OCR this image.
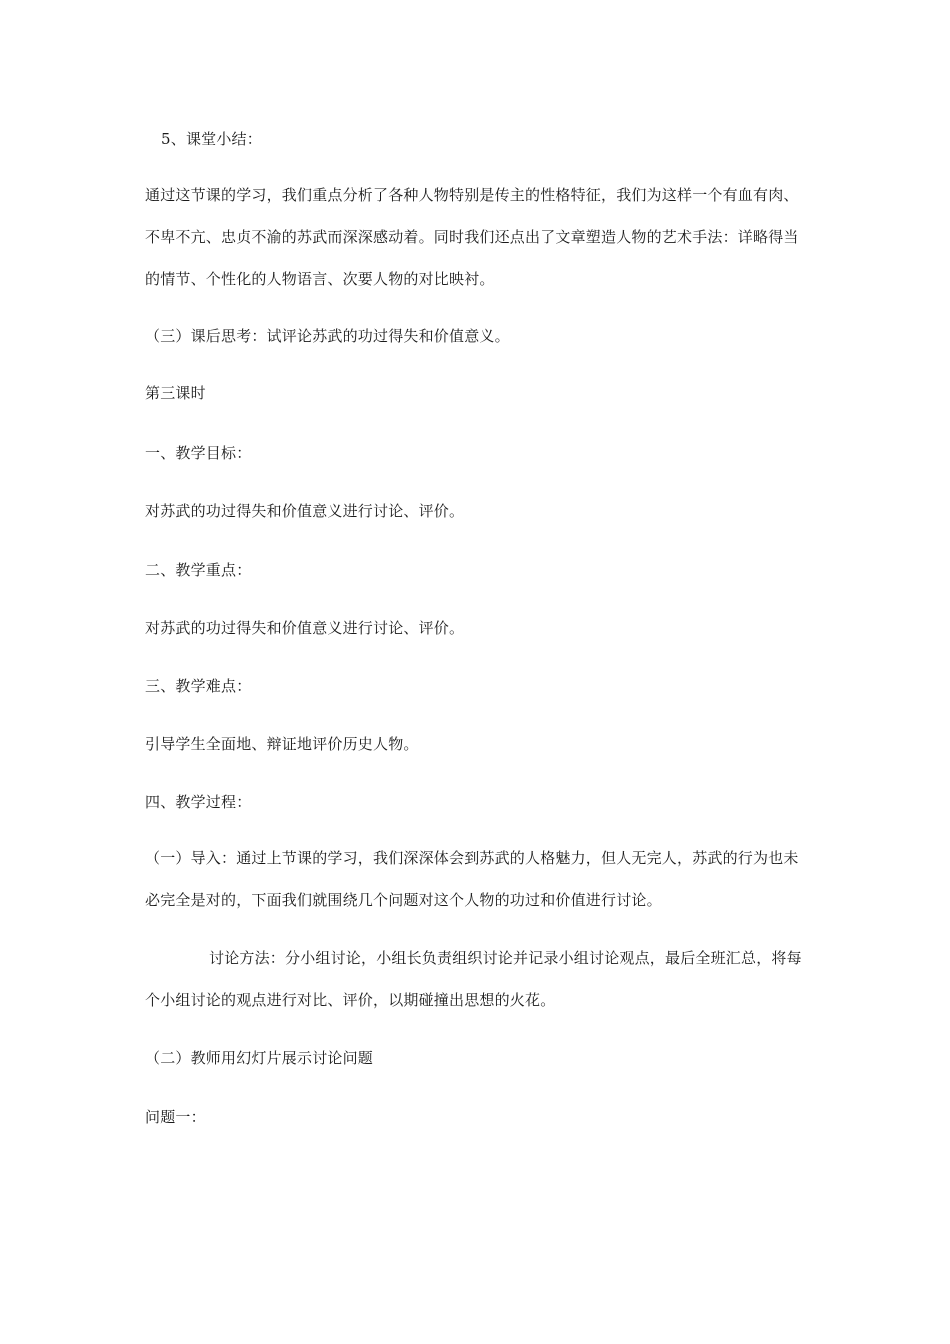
5、课堂小结：

通过这节课的学习，我们重点分析了各种人物特别是传主的性格特征，我们为这样一个有血有肉、不卑不亢、忠贞不渝的苏武而深深感动着。同时我们还点出了文章塑造人物的艺术手法：详略得当的情节、个性化的人物语言、次要人物的对比映衬。

（三）课后思考：试评论苏武的功过得失和价值意义。

第三课时

一、教学目标：

对苏武的功过得失和价值意义进行讨论、评价。

二、教学重点：

对苏武的功过得失和价值意义进行讨论、评价。

三、教学难点：

引导学生全面地、辩证地评价历史人物。

四、教学过程：

（一）导入：通过上节课的学习，我们深深体会到苏武的人格魅力，但人无完人，苏武的行为也未必完全是对的，下面我们就围绕几个问题对这个人物的功过和价值进行讨论。

讨论方法：分小组讨论，小组长负责组织讨论并记录小组讨论观点，最后全班汇总，将每个小组讨论的观点进行对比、评价，以期碰撞出思想的火花。

（二）教师用幻灯片展示讨论问题

问题一：
